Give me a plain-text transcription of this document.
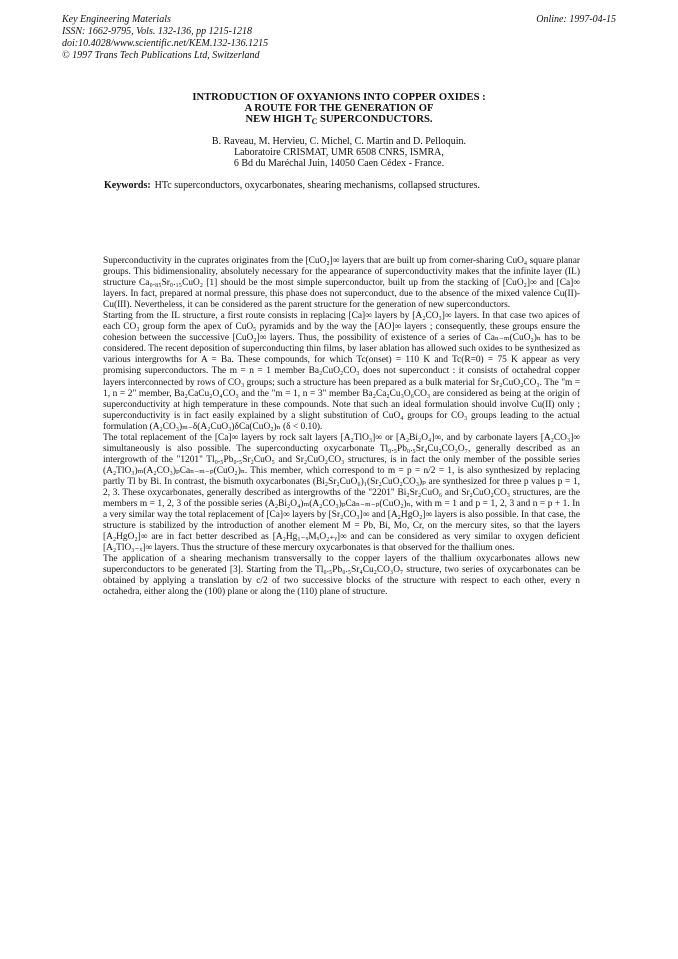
Key Engineering Materials
ISSN: 1662-9795, Vols. 132-136, pp 1215-1218
doi:10.4028/www.scientific.net/KEM.132-136.1215
© 1997 Trans Tech Publications Ltd, Switzerland
Online: 1997-04-15
INTRODUCTION OF OXYANIONS INTO COPPER OXIDES :
A ROUTE FOR THE GENERATION OF
NEW HIGH $T_C$ SUPERCONDUCTORS.
B. Raveau, M. Hervieu, C. Michel, C. Martin and D. Pelloquin.
Laboratoire CRISMAT, UMR 6508 CNRS, ISMRA,
6 Bd du Maréchal Juin, 14050 Caen Cédex - France.
Keywords: HTc superconductors, oxycarbonates, shearing mechanisms, collapsed structures.

Superconductivity in the cuprates originates from the [CuO₂]∞ layers that are built up from corner-sharing CuO₄ square planar groups. This bidimensionality, absolutely necessary for the appearance of superconductivity makes that the infinite layer (IL) structure Ca₀.₈₅Sr₀.₁₅CuO₂ [1] should be the most simple superconductor, built up from the stacking of [CuO₂]∞ and [Ca]∞ layers. In fact, prepared at normal pressure, this phase does not superconduct, due to the absence of the mixed valence Cu(II)-Cu(III). Nevertheless, it can be considered as the parent structure for the generation of new superconductors.

Starting from the IL structure, a first route consists in replacing [Ca]∞ layers by [A₂CO₃]∞ layers. In that case two apices of each CO₃ group form the apex of CuO₅ pyramids and by the way the [AO]∞ layers ; consequently, these groups ensure the cohesion between the successive [CuO₂]∞ layers. Thus, the possibility of existence of a series of Caₙ₋ₘ(CuO₂)ₙ has to be considered. The recent deposition of superconducting thin films, by laser ablation has allowed such oxides to be synthesized as various intergrowths for A = Ba. These compounds, for which Tc(onset) = 110 K and Tc(R=0) = 75 K appear as very promising superconductors. The m = n = 1 member Ba₂CuO₂CO₃ does not superconduct : it consists of octahedral copper layers interconnected by rows of CO₃ groups; such a structure has been prepared as a bulk material for Sr₂CuO₂CO₃. The "m = 1, n = 2" member, Ba₂CaCu₂O₄CO₃ and the "m = 1, n = 3" member Ba₂Ca₂Cu₃O₆CO₃ are considered as being at the origin of superconductivity at high temperature in these compounds. Note that such an ideal formulation should involve Cu(II) only ; superconductivity is in fact easily explained by a slight substitution of CuO₄ groups for CO₃ groups leading to the actual formulation (A₂CO₃)ₘ₋δ(A₂CuO₃)δCa(CuO₂)ₙ (δ < 0.10).

The total replacement of the [Ca]∞ layers by rock salt layers [A₂TlO₃]∞ or [A₂Bi₂O₄]∞, and by carbonate layers [A₂CO₃]∞ simultaneously is also possible. The superconducting oxycarbonate Tl₀.₅Pb₀.₅Sr₄Cu₂CO₃O₇, generally described as an intergrowth of the "1201" Tl₀.₅Pb₀.₅Sr₂CuO₅ and Sr₂CuO₂CO₃ structures, is in fact the only member of the possible series (A₂TlO₃)ₘ(A₂CO₃)ₚCaₙ₋ₘ₋ₚ(CuO₂)ₙ. This member, which correspond to m = p = n/2 = 1, is also synthesized by replacing partly Tl by Bi. In contrast, the bismuth oxycarbonates (Bi₂Sr₂CuO₆)₁(Sr₂CuO₂CO₃)ₚ are synthesized for three p values p = 1, 2, 3. These oxycarbonates, generally described as intergrowths of the "2201" Bi₂Sr₂CuO₆ and Sr₂CuO₂CO₃ structures, are the members m = 1, 2, 3 of the possible series (A₂Bi₂O₄)ₘ(A₂CO₃)ₚCaₙ₋ₘ₋ₚ(CuO₂)ₙ, with m = 1 and p = 1, 2, 3 and n = p + 1. In a very similar way the total replacement of [Ca]∞ layers by [Sr₂CO₃]∞ and [A₂HgO₂]∞ layers is also possible. In that case, the structure is stabilized by the introduction of another element M = Pb, Bi, Mo, Cr, on the mercury sites, so that the layers [A₂HgO₂]∞ are in fact better described as [A₂Hg₁₋ₓMₓO₂₊ᵧ]∞ and can be considered as very similar to oxygen deficient [A₂TlO₃₋ₓ]∞ layers. Thus the structure of these mercury oxycarbonates is that observed for the thallium ones.

The application of a shearing mechanism transversally to the copper layers of the thallium oxycarbonates allows new superconductors to be generated [3]. Starting from the Tl₀.₅Pb₀.₅Sr₄Cu₂CO₃O₇ structure, two series of oxycarbonates can be obtained by applying a translation by c/2 of two successive blocks of the structure with respect to each other, every n octahedra, either along the (100) plane or along the (110) plane of structure.
